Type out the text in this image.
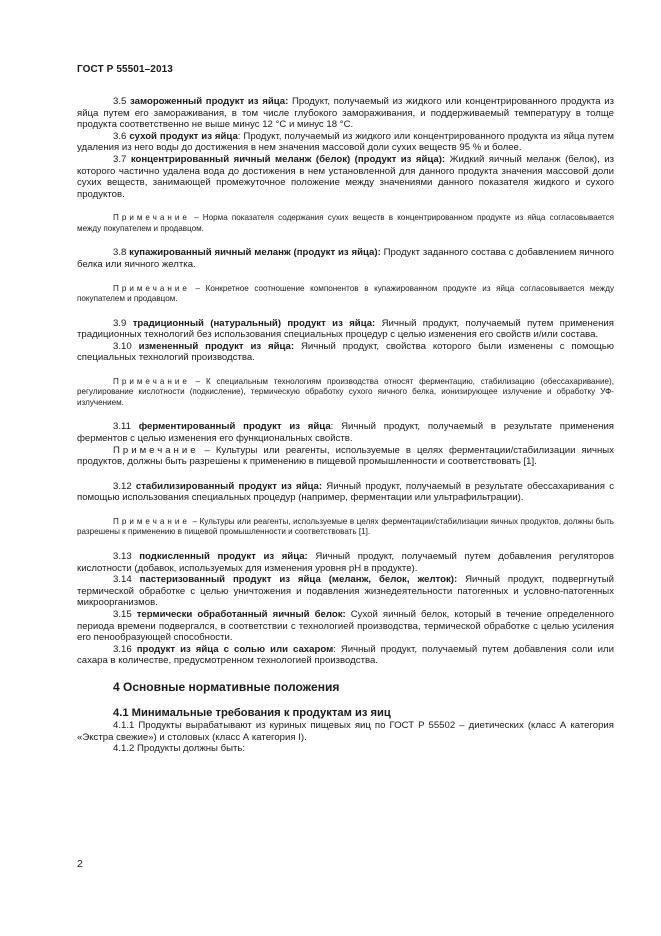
ГОСТ Р 55501–2013

3.5 замороженный продукт из яйца: Продукт, получаемый из жидкого или концентрированного продукта из яйца путем его замораживания, в том числе глубокого замораживания, и поддерживаемый температуру в толще продукта соответственно не выше минус 12 °С и минус 18 °С.

3.6 сухой продукт из яйца: Продукт, получаемый из жидкого или концентрированного продукта из яйца путем удаления из него воды до достижения в нем значения массовой доли сухих веществ 95 % и более.

3.7 концентрированный яичный меланж (белок) (продукт из яйца): Жидкий яичный меланж (белок), из которого частично удалена вода до достижения в нем установленной для данного продукта значения массовой доли сухих веществ, занимающей промежуточное положение между значениями данного показателя жидкого и сухого продуктов.

Примечание – Норма показателя содержания сухих веществ в концентрированном продукте из яйца согласовывается между покупателем и продавцом.

3.8 купажированный яичный меланж (продукт из яйца): Продукт заданного состава с добавлением яичного белка или яичного желтка.

Примечание – Конкретное соотношение компонентов в купажированном продукте из яйца согласовывается между покупателем и продавцом.

3.9 традиционный (натуральный) продукт из яйца: Яичный продукт, получаемый путем применения традиционных технологий без использования специальных процедур с целью изменения его свойств и/или состава.

3.10 измененный продукт из яйца: Яичный продукт, свойства которого были изменены с помощью специальных технологий производства.

Примечание – К специальным технологиям производства относят ферментацию, стабилизацию (обессахаривание), регулирование кислотности (подкисление), термическую обработку сухого яичного белка, ионизирующее излучение и обработку УФ-излучением.

3.11 ферментированный продукт из яйца: Яичный продукт, получаемый в результате применения ферментов с целью изменения его функциональных свойств.

Примечание – Культуры или реагенты, используемые в целях ферментации/стабилизации яичных продуктов, должны быть разрешены к применению в пищевой промышленности и соответствовать [1].

3.12 стабилизированный продукт из яйца: Яичный продукт, получаемый в результате обессахаривания с помощью использования специальных процедур (например, ферментации или ультрафильтрации).

Примечание – Культуры или реагенты, используемые в целях ферментации/стабилизации яичных продуктов, должны быть разрешены к применению в пищевой промышленности и соответствовать [1].

3.13 подкисленный продукт из яйца: Яичный продукт, получаемый путем добавления регуляторов кислотности (добавок, используемых для изменения уровня pH в продукте).

3.14 пастеризованный продукт из яйца (меланж, белок, желток): Яичный продукт, подвергнутый термической обработке с целью уничтожения и подавления жизнедеятельности патогенных и условно-патогенных микроорганизмов.

3.15 термически обработанный яичный белок: Сухой яичный белок, который в течение определенного периода времени подвергался, в соответствии с технологией производства, термической обработке с целью усиления его пенообразующей способности.

3.16 продукт из яйца с солью или сахаром: Яичный продукт, получаемый путем добавления соли или сахара в количестве, предусмотренном технологией производства.

4 Основные нормативные положения
4.1 Минимальные требования к продуктам из яиц

4.1.1 Продукты вырабатывают из куриных пищевых яиц по ГОСТ Р 55502 – диетических (класс А категория «Экстра свежие») и столовых (класс А категория I).

4.1.2 Продукты должны быть:

2
